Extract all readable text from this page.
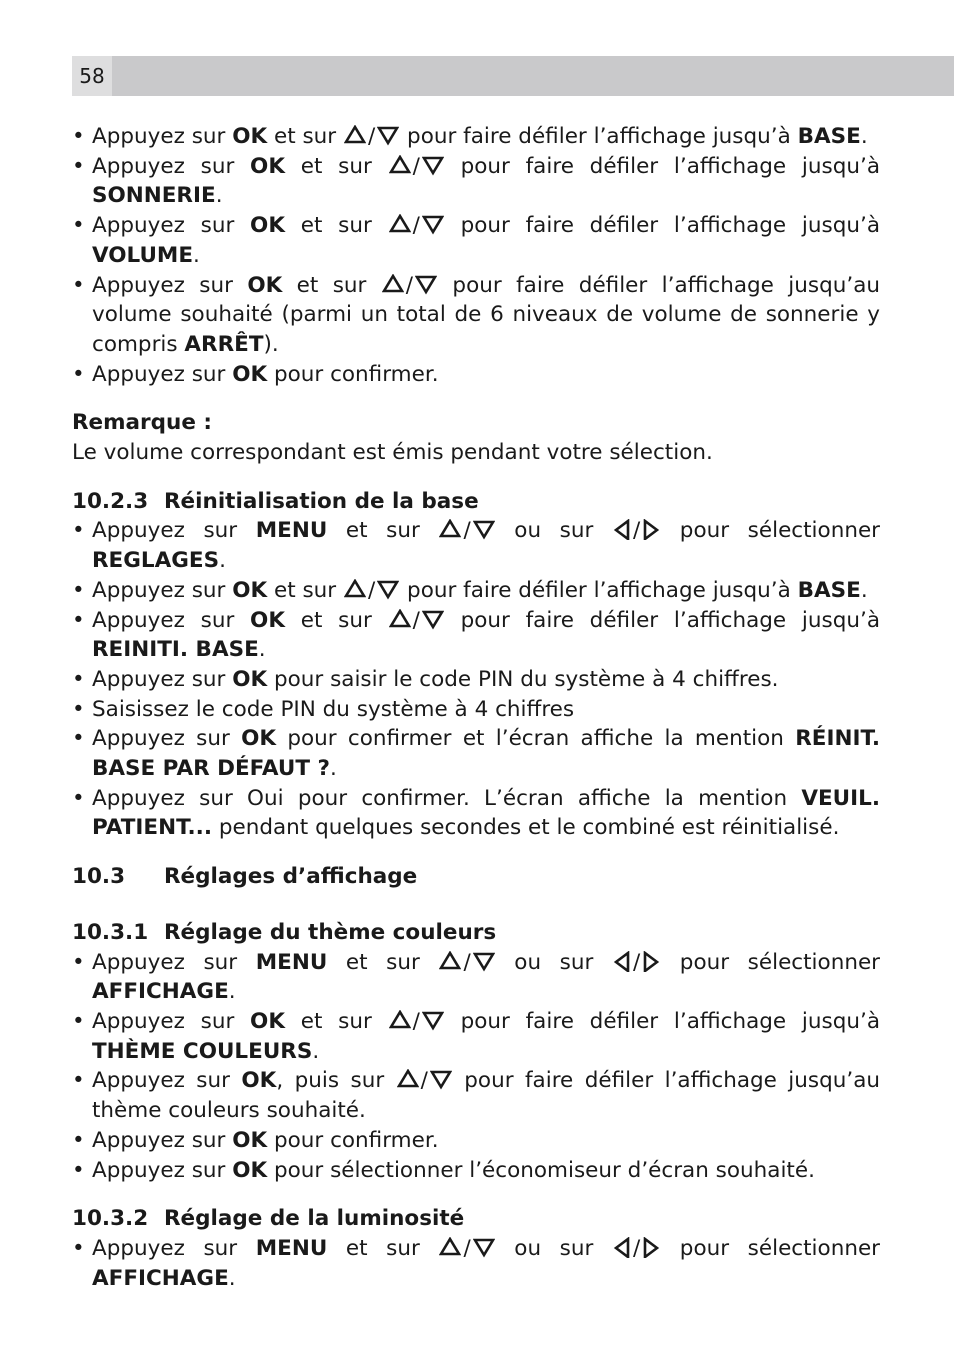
58
• Appuyez sur OK et sur
/
pour faire défiler l’affichage jusqu’à BASE.
• Appuyez sur OK et sur
/
pour faire défiler l’affichage jusqu’à SONNERIE.
• Appuyez sur OK et sur
/
pour faire défiler l’affichage jusqu’à VOLUME.
• Appuyez sur OK et sur
/
pour faire défiler l’affichage jusqu’au volume souhaité (parmi un total de 6 niveaux de volume de sonnerie y compris ARRÊT).
• Appuyez sur OK pour confirmer.
Remarque :
Le volume correspondant est émis pendant votre sélection.
10.2.3 Réinitialisation de la base
• Appuyez sur MENU et sur
/
ou sur
/
pour sélectionner REGLAGES.
• Appuyez sur OK et sur
/
pour faire défiler l’affichage jusqu’à BASE.
• Appuyez sur OK et sur
/
pour faire défiler l’affichage jusqu’à REINITI. BASE.
• Appuyez sur OK pour saisir le code PIN du système à 4 chiffres.
• Saisissez le code PIN du système à 4 chiffres
• Appuyez sur OK pour confirmer et l’écran affiche la mention RÉINIT. BASE PAR DÉFAUT ?.
• Appuyez sur Oui pour confirmer. L’écran affiche la mention VEUIL. PATIENT... pendant quelques secondes et le combiné est réinitialisé.
10.3 Réglages d’affichage
10.3.1 Réglage du thème couleurs
• Appuyez sur MENU et sur
/
ou sur
/
pour sélectionner AFFICHAGE.
• Appuyez sur OK et sur
/
pour faire défiler l’affichage jusqu’à THÈME COULEURS.
• Appuyez sur OK, puis sur
/
pour faire défiler l’affichage jusqu’au thème couleurs souhaité.
• Appuyez sur OK pour confirmer.
• Appuyez sur OK pour sélectionner l’économiseur d’écran souhaité.
10.3.2 Réglage de la luminosité
• Appuyez sur MENU et sur
/
ou sur
/
pour sélectionner AFFICHAGE.
